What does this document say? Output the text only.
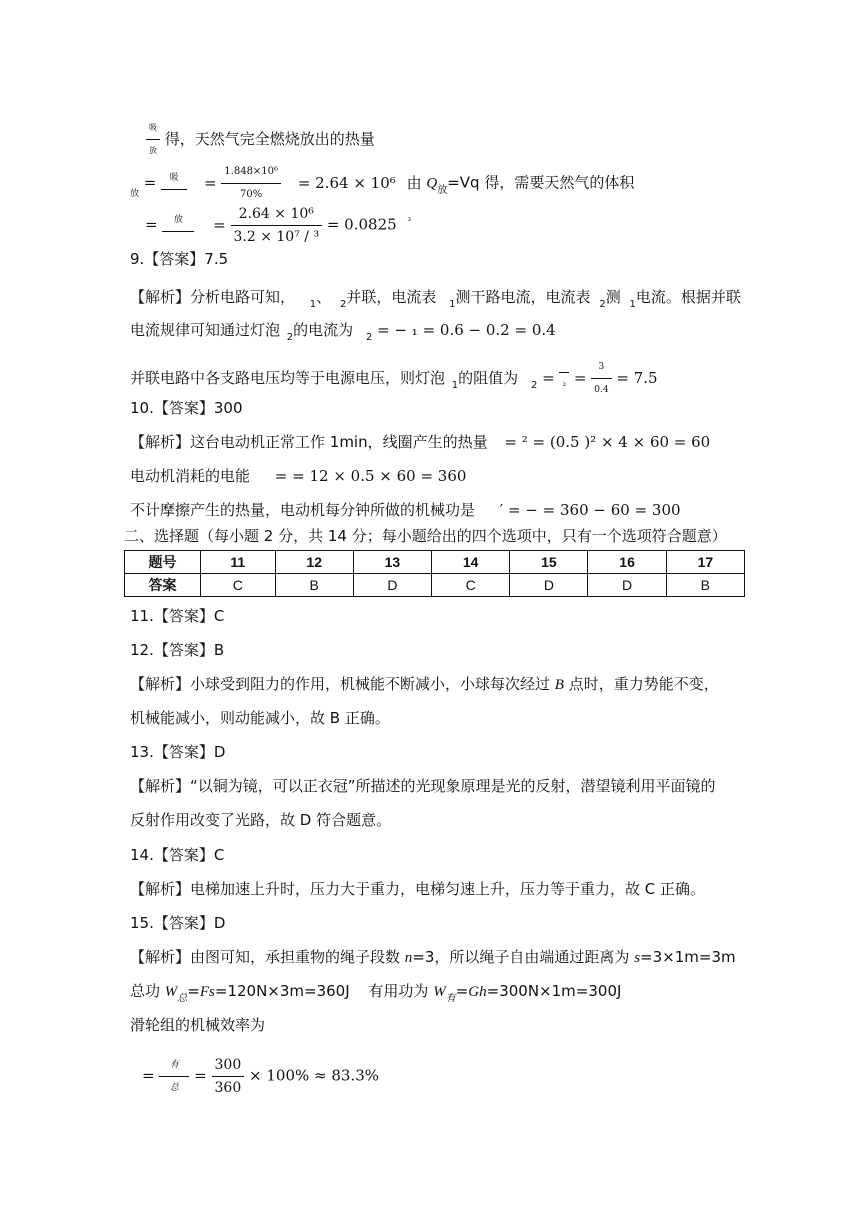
$\frac{\text{吸}}{\text{放}}$ 得，天然气完全燃烧放出的热量
$_放$ =	吸	= $\frac{\text{1.848×10⁶}}{70\%} = 2.64 \times 10^6$ 由 $Q_放=Vq$ 得，需要天然气的体积
=	放	= $\frac{\text{2.64 × 10⁶}}{\text{3.2 × 10⁷ / ³}} = 0.0825$ $^{^3}$
9.【答案】7.5
【解析】分析电路可知， $_1$、 $_2$并联，电流表 $_1$测干路电流，电流表 $_2$测 $_1$电流。根据并联
电流规律可知通过灯泡 $_2$的电流为 $_2$ = − ₁ = 0.6 − 0.2 = 0.4
并联电路中各支路电压均等于电源电压，则灯泡 $_1$的阻值为 $_2 = _2 = \frac{3}{0.4} = 7.5$
10.【答案】300
【解析】这台电动机正常工作 1min，线圈产生的热量 = ² = (0.5 )² × 4 × 60 = 60
电动机消耗的电能 = = 12 × 0.5 × 60 = 360
不计摩擦产生的热量，电动机每分钟所做的机械功是 ′ = − = 360 − 60 = 300
二、选择题（每小题 2 分，共 14 分；每小题给出的四个选项中，只有一个选项符合题意）
题号	11	12	13	14	15	16	17
答案	C	B	D	C	D	D	B
11.【答案】C
12.【答案】B
【解析】小球受到阻力的作用，机械能不断减小，小球每次经过 B 点时，重力势能不变，
机械能减小，则动能减小，故 B 正确。
13.【答案】D
【解析】“以铜为镜，可以正衣冠”所描述的光现象原理是光的反射，潜望镜利用平面镜的
反射作用改变了光路，故 D 符合题意。
14.【答案】C
【解析】电梯加速上升时，压力大于重力，电梯匀速上升，压力等于重力，故 C 正确。
15.【答案】D
【解析】由图可知，承担重物的绳子段数 n=3，所以绳子自由端通过距离为 s=3×1m=3m
总功 $W_总=Fs=120N\times 3m=360J$ 有用功为 $W_有=Gh=300N\times 1m=300J$
滑轮组的机械效率为
= $\frac{\text{有}}{\text{总}} = \frac{300}{360} \times 100\% \approx 83.3\%$
